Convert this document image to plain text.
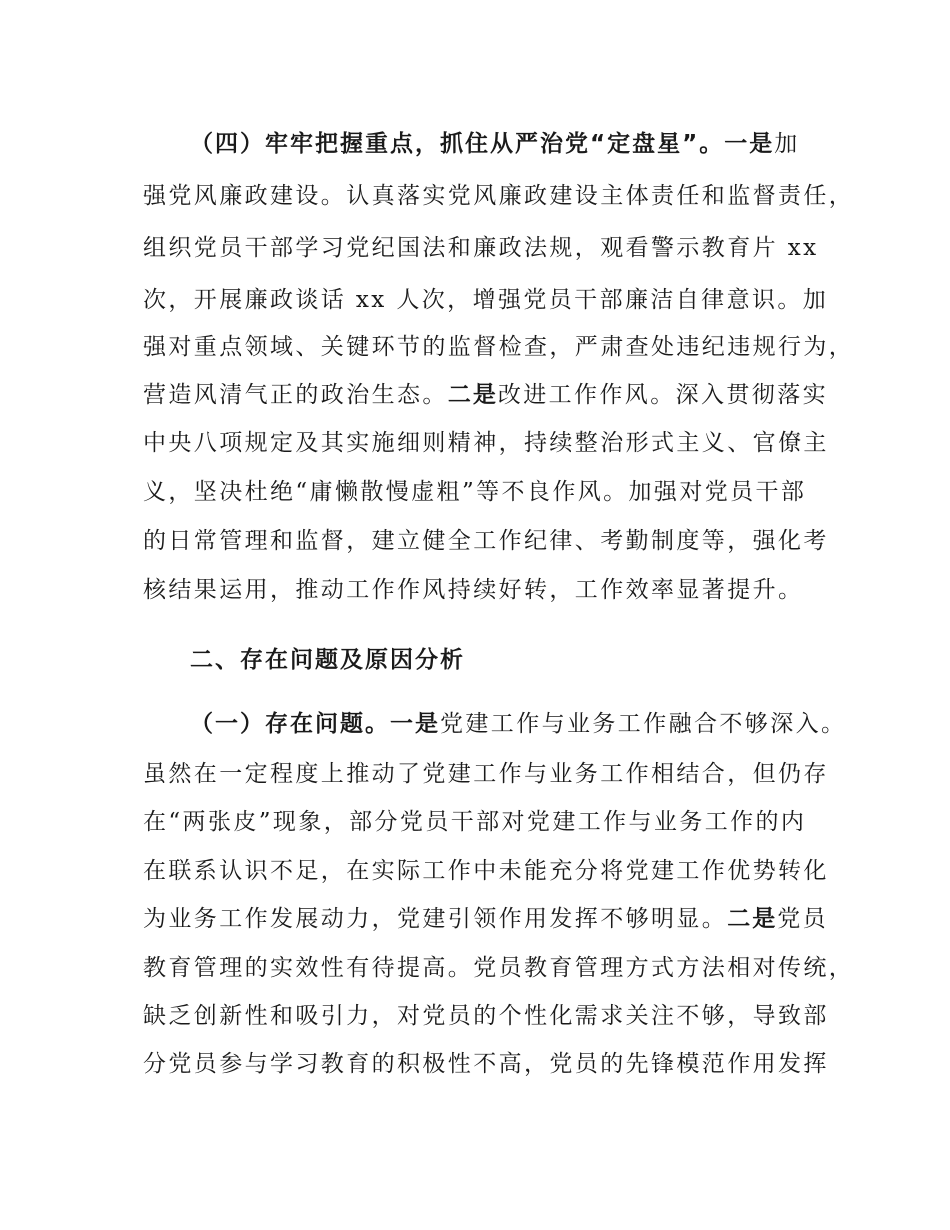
（四）牢牢把握重点，抓住从严治党“定盘星”。一是加
强党风廉政建设。认真落实党风廉政建设主体责任和监督责任，
组织党员干部学习党纪国法和廉政法规，观看警示教育片 xx
次，开展廉政谈话 xx 人次，增强党员干部廉洁自律意识。加
强对重点领域、关键环节的监督检查，严肃查处违纪违规行为，
营造风清气正的政治生态。二是改进工作作风。深入贯彻落实
中央八项规定及其实施细则精神，持续整治形式主义、官僚主
义，坚决杜绝“庸懒散慢虚粗”等不良作风。加强对党员干部
的日常管理和监督，建立健全工作纪律、考勤制度等，强化考
核结果运用，推动工作作风持续好转，工作效率显著提升。
二、存在问题及原因分析
（一）存在问题。一是党建工作与业务工作融合不够深入。
虽然在一定程度上推动了党建工作与业务工作相结合，但仍存
在“两张皮”现象，部分党员干部对党建工作与业务工作的内
在联系认识不足，在实际工作中未能充分将党建工作优势转化
为业务工作发展动力，党建引领作用发挥不够明显。二是党员
教育管理的实效性有待提高。党员教育管理方式方法相对传统，
缺乏创新性和吸引力，对党员的个性化需求关注不够，导致部
分党员参与学习教育的积极性不高，党员的先锋模范作用发挥
